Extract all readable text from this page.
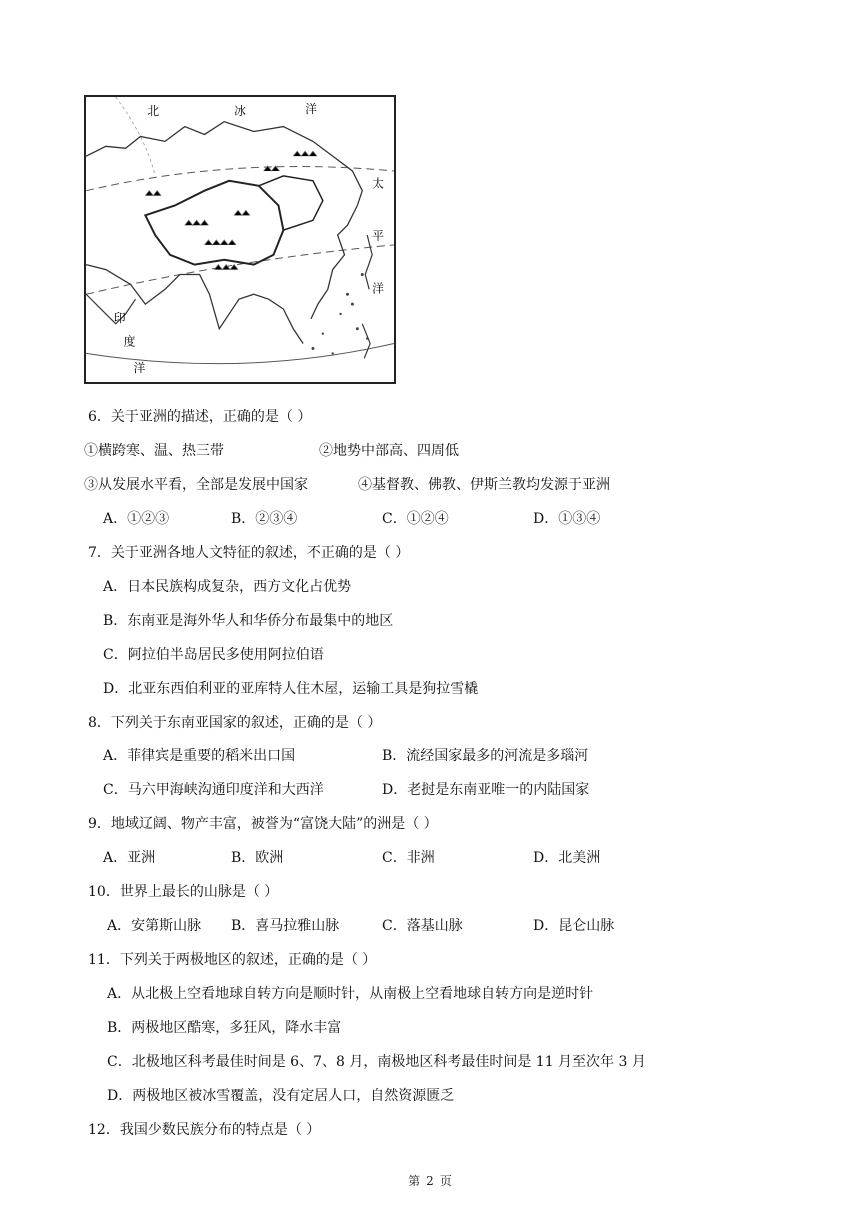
北	冰	洋
太
平
洋
印
度
洋
6．关于亚洲的描述，正确的是（ ）
①横跨寒、温、热三带	②地势中部高、四周低
③从发展水平看，全部是发展中国家	④基督教、佛教、伊斯兰教均发源于亚洲
A．①②③	B．②③④	C．①②④	D．①③④
7．关于亚洲各地人文特征的叙述，不正确的是（ ）
A．日本民族构成复杂，西方文化占优势
B．东南亚是海外华人和华侨分布最集中的地区
C．阿拉伯半岛居民多使用阿拉伯语
D．北亚东西伯利亚的亚库特人住木屋，运输工具是狗拉雪橇
8．下列关于东南亚国家的叙述，正确的是（ ）
A．菲律宾是重要的稻米出口国	B．流经国家最多的河流是多瑙河
C．马六甲海峡沟通印度洋和大西洋	D．老挝是东南亚唯一的内陆国家
9．地域辽阔、物产丰富，被誉为“富饶大陆”的洲是（ ）
A．亚洲	B．欧洲	C．非洲	D．北美洲
10．世界上最长的山脉是（ ）
A．安第斯山脉 B．喜马拉雅山脉	C．落基山脉	D．昆仑山脉
11．下列关于两极地区的叙述，正确的是（ ）
A．从北极上空看地球自转方向是顺时针，从南极上空看地球自转方向是逆时针
B．两极地区酷寒，多狂风，降水丰富
C．北极地区科考最佳时间是 6、7、8 月，南极地区科考最佳时间是 11 月至次年 3 月
D．两极地区被冰雪覆盖，没有定居人口，自然资源匮乏
12．我国少数民族分布的特点是（ ）
第 2 页
